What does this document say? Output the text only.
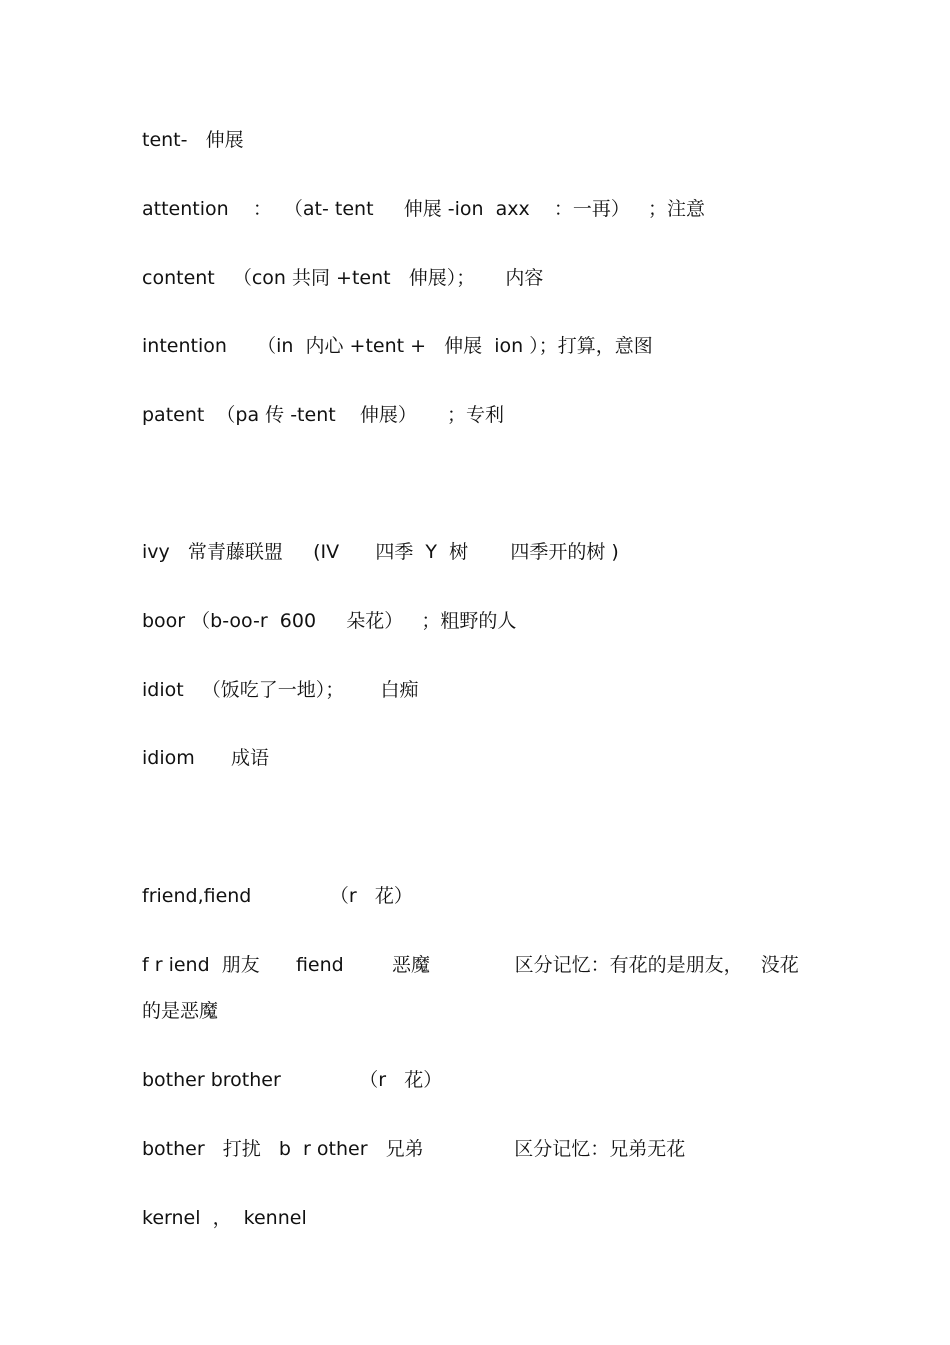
tent-   伸展
attention    ：  （at- tent     伸展 -ion  axx    ：一再）   ；注意
content   （con 共同 +tent   伸展）；     内容
intention     （in  内心 +tent +   伸展  ion ）；打算，意图
patent  （pa 传 -tent    伸展）     ；专利
ivy   常青藤联盟     (IV      四季  Y  树       四季开的树 )
boor （b-oo-r  600     朵花）   ；粗野的人
idiot   （饭吃了一地）；      白痴
idiom      成语
friend,fiend             （r   花）
f r iend  朋友      fiend        恶魔              区分记忆：有花的是朋友，   没花
的是恶魔
bother brother             （r   花）
bother   打扰   b  r other   兄弟               区分记忆：兄弟无花
kernel  ，  kennel
